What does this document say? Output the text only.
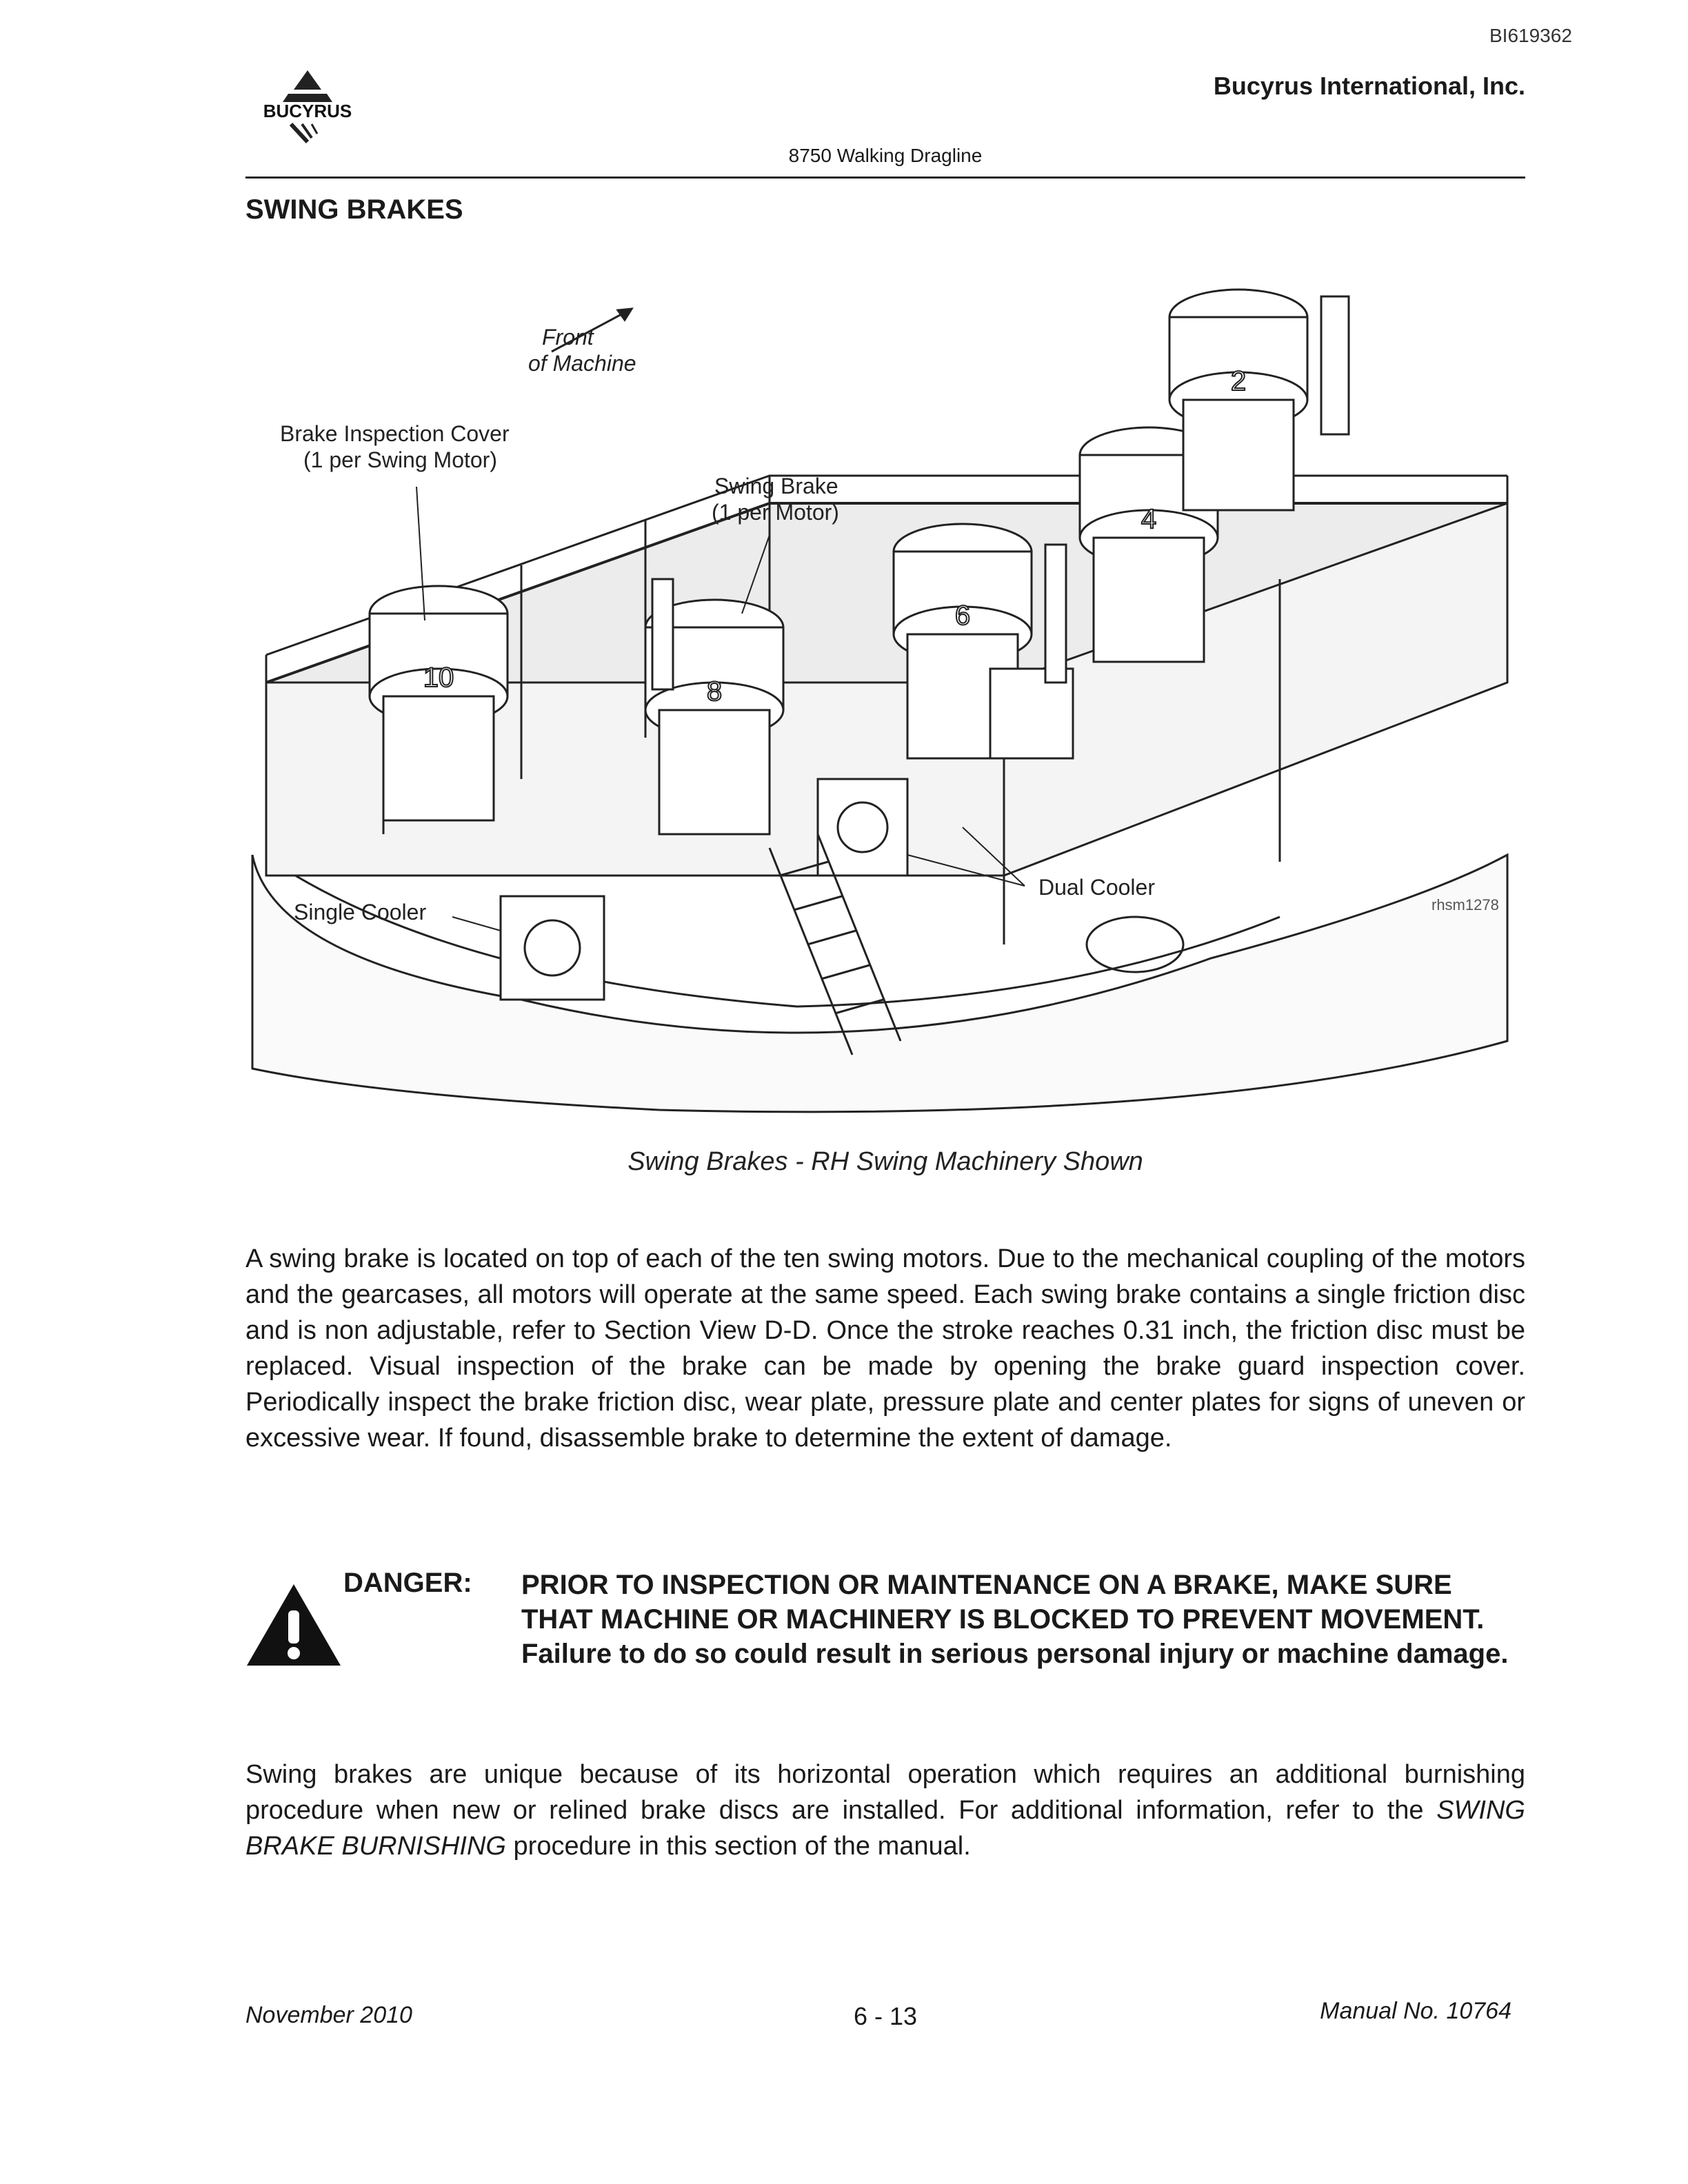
BI619362
Bucyrus International, Inc.
BUCYRUS
8750 Walking Dragline
SWING BRAKES
10	8
6
4
2
Front
of Machine
Brake Inspection Cover
(1 per Swing Motor)
Swing Brake
(1 per Motor)
Single Cooler
Dual Cooler
rhsm1278
Swing Brakes - RH Swing Machinery Shown
A swing brake is located on top of each of the ten swing motors. Due to the mechanical coupling of the motors and the gearcases, all motors will operate at the same speed. Each swing brake contains a single friction disc and is non adjustable, refer to Section View D-D. Once the stroke reaches 0.31 inch, the friction disc must be replaced. Visual inspection of the brake can be made by opening the brake guard inspection cover. Periodically inspect the brake friction disc, wear plate, pressure plate and center plates for signs of uneven or excessive wear. If found, disassemble brake to determine the extent of damage.
DANGER: PRIOR TO INSPECTION OR MAINTENANCE ON A BRAKE, MAKE SURE THAT MACHINE OR MACHINERY IS BLOCKED TO PREVENT MOVEMENT. Failure to do so could result in serious personal injury or machine damage.
Swing brakes are unique because of its horizontal operation which requires an additional burnishing procedure when new or relined brake discs are installed. For additional information, refer to the SWING BRAKE BURNISHING procedure in this section of the manual.
November 2010	6 - 13	Manual No. 10764
